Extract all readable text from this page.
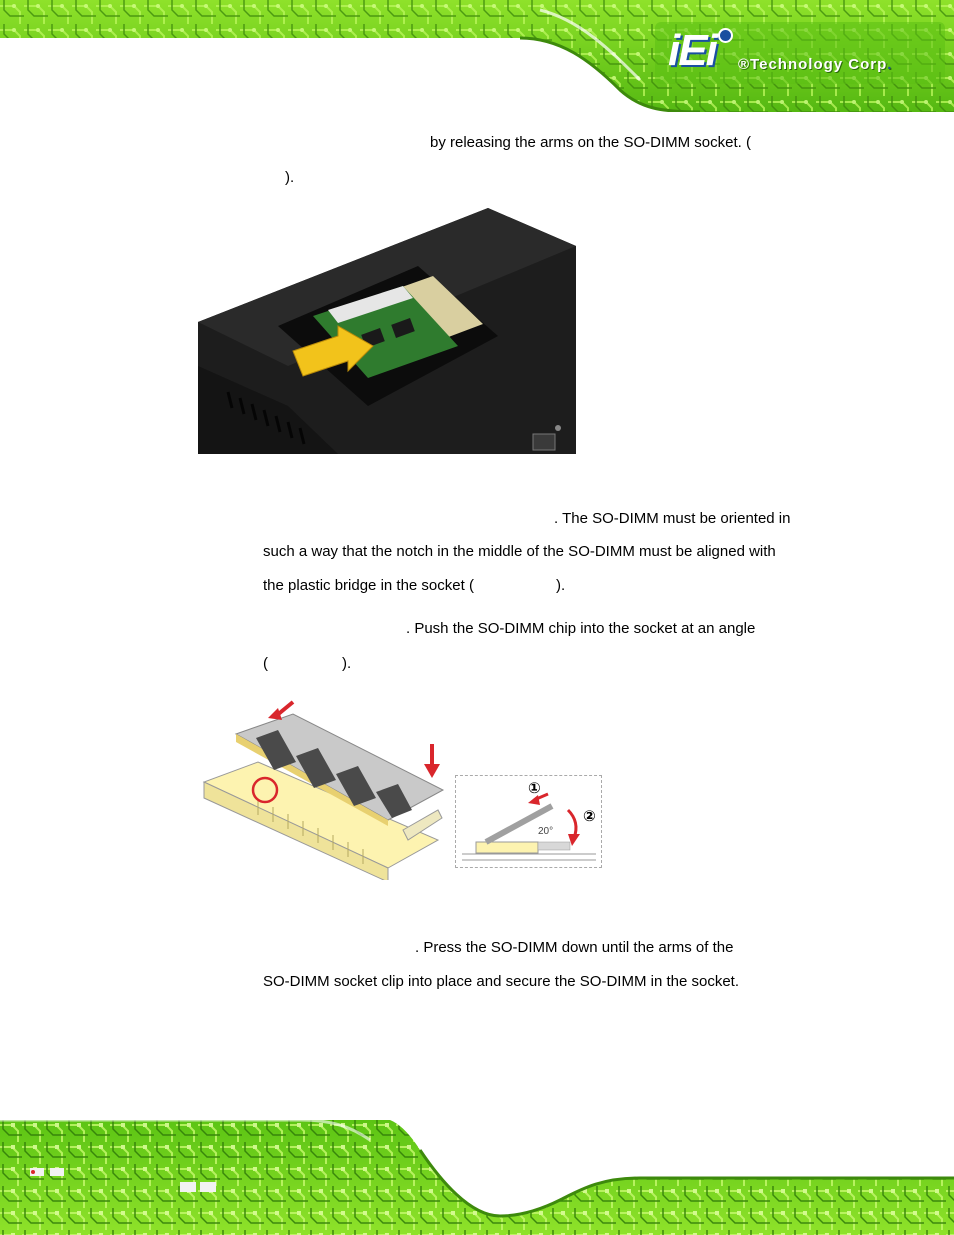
iEi ®Technology Corp.
by releasing the arms on the SO-DIMM socket. (
).
. The SO-DIMM must be oriented in
such a way that the notch in the middle of the SO-DIMM must be aligned with
the plastic bridge in the socket (	).
. Push the SO-DIMM chip into the socket at an angle
(	).
①
②
20°
. Press the SO-DIMM down until the arms of the
SO-DIMM socket clip into place and secure the SO-DIMM in the socket.
